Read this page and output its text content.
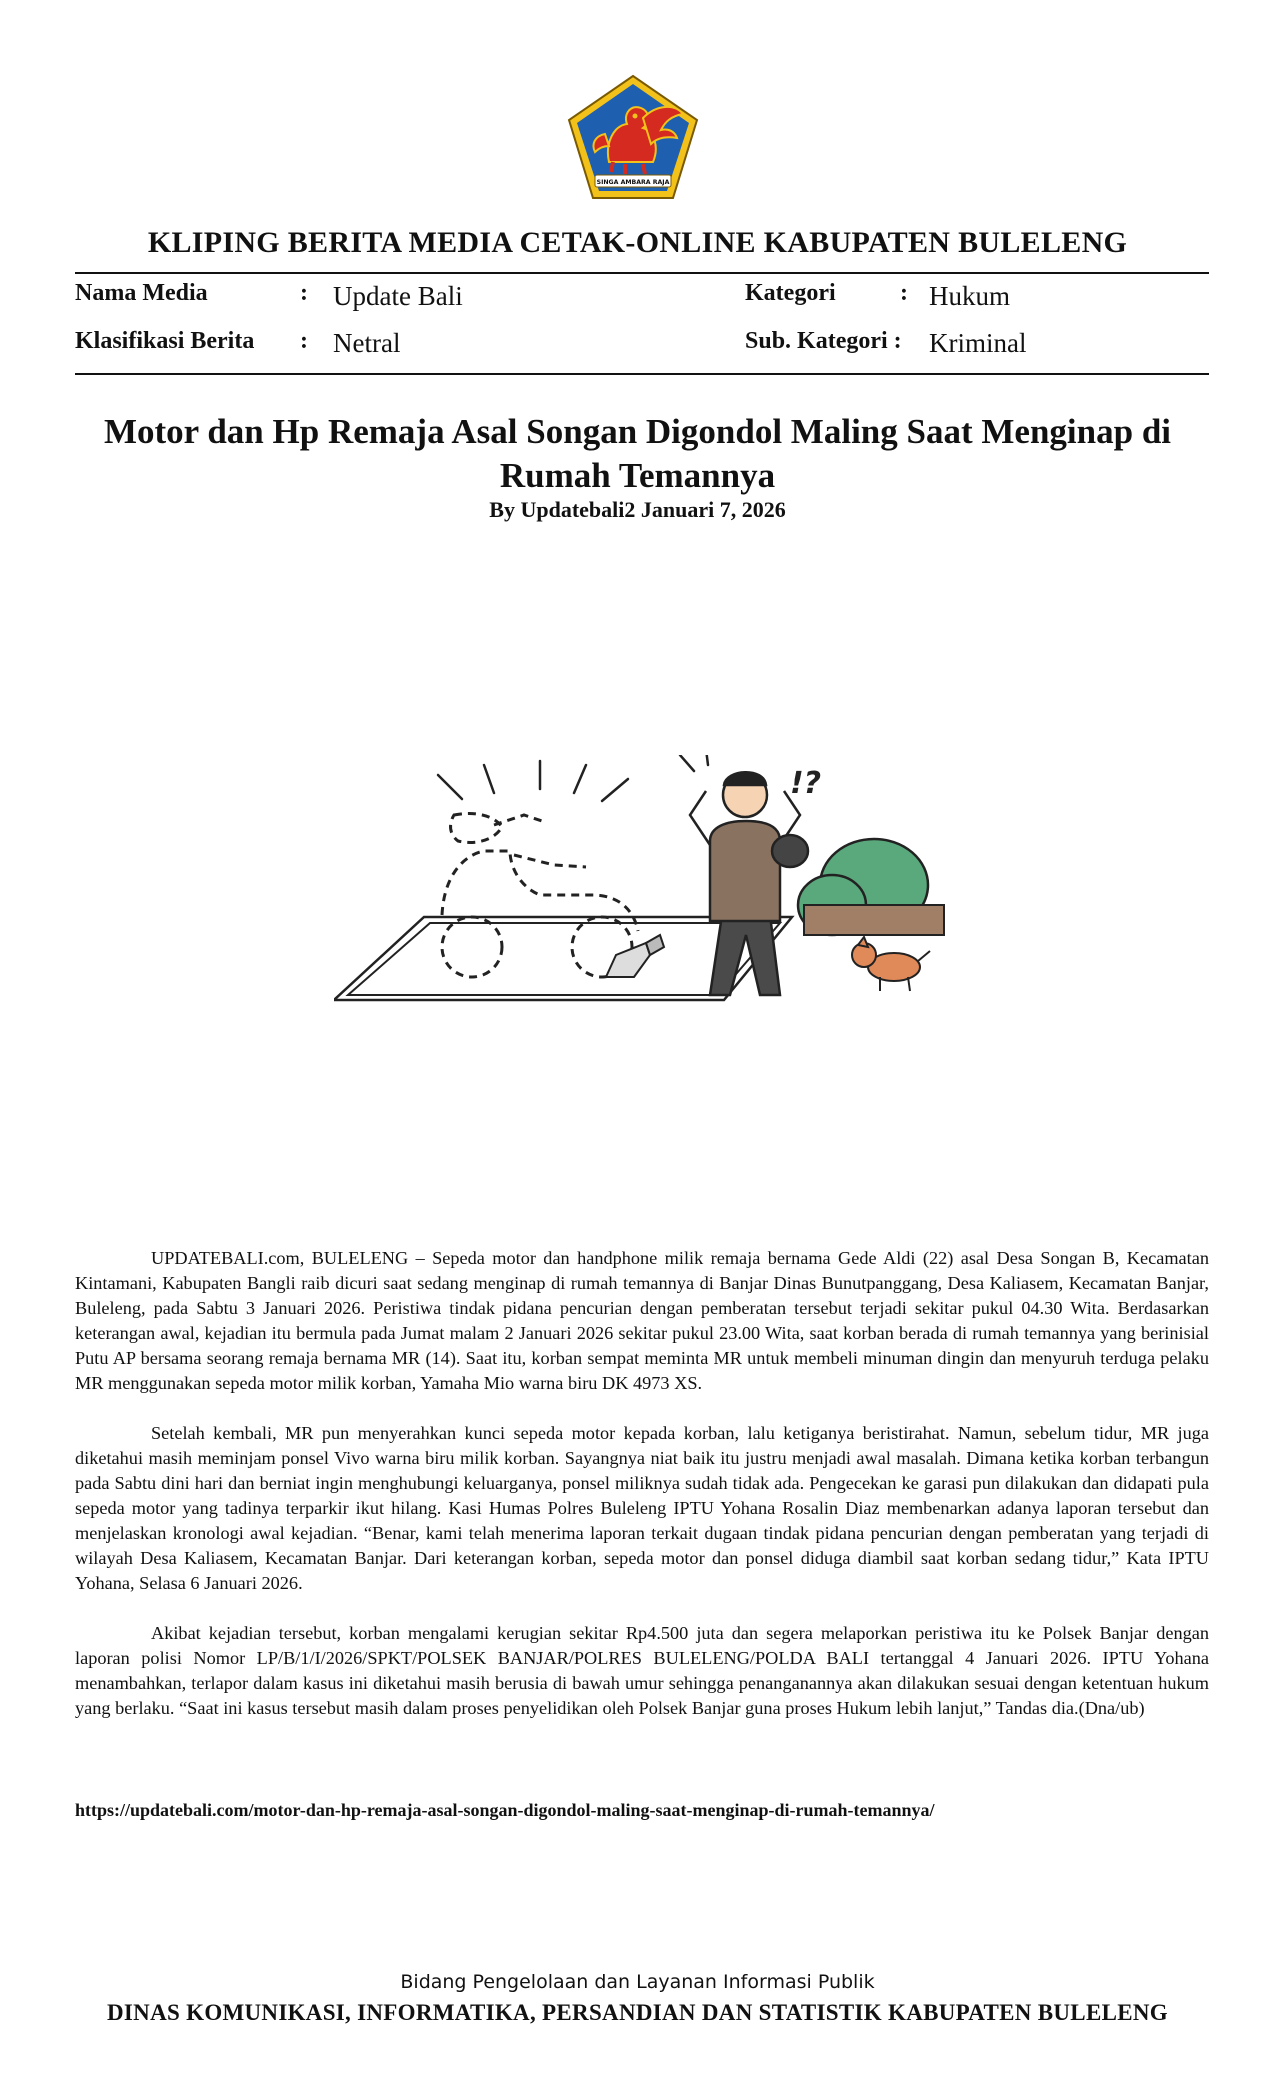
SINGA AMBARA RAJA
KLIPING BERITA MEDIA CETAK-ONLINE KABUPATEN BULELENG
Nama Media	: Update Bali
Klasifikasi Berita : Netral
Kategori	: Hukum
Sub. Kategori : Kriminal
Motor dan Hp Remaja Asal Songan Digondol Maling Saat Menginap di Rumah Temannya
By Updatebali2 Januari 7, 2026
!?

UPDATEBALI.com, BULELENG – Sepeda motor dan handphone milik remaja bernama Gede Aldi (22) asal Desa Songan B, Kecamatan Kintamani, Kabupaten Bangli raib dicuri saat sedang menginap di rumah temannya di Banjar Dinas Bunutpanggang, Desa Kaliasem, Kecamatan Banjar, Buleleng, pada Sabtu 3 Januari 2026. Peristiwa tindak pidana pencurian dengan pemberatan tersebut terjadi sekitar pukul 04.30 Wita. Berdasarkan keterangan awal, kejadian itu bermula pada Jumat malam 2 Januari 2026 sekitar pukul 23.00 Wita, saat korban berada di rumah temannya yang berinisial Putu AP bersama seorang remaja bernama MR (14). Saat itu, korban sempat meminta MR untuk membeli minuman dingin dan menyuruh terduga pelaku MR menggunakan sepeda motor milik korban, Yamaha Mio warna biru DK 4973 XS.

Setelah kembali, MR pun menyerahkan kunci sepeda motor kepada korban, lalu ketiganya beristirahat. Namun, sebelum tidur, MR juga diketahui masih meminjam ponsel Vivo warna biru milik korban. Sayangnya niat baik itu justru menjadi awal masalah. Dimana ketika korban terbangun pada Sabtu dini hari dan berniat ingin menghubungi keluarganya, ponsel miliknya sudah tidak ada. Pengecekan ke garasi pun dilakukan dan didapati pula sepeda motor yang tadinya terparkir ikut hilang. Kasi Humas Polres Buleleng IPTU Yohana Rosalin Diaz membenarkan adanya laporan tersebut dan menjelaskan kronologi awal kejadian. “Benar, kami telah menerima laporan terkait dugaan tindak pidana pencurian dengan pemberatan yang terjadi di wilayah Desa Kaliasem, Kecamatan Banjar. Dari keterangan korban, sepeda motor dan ponsel diduga diambil saat korban sedang tidur,” Kata IPTU Yohana, Selasa 6 Januari 2026.

Akibat kejadian tersebut, korban mengalami kerugian sekitar Rp4.500 juta dan segera melaporkan peristiwa itu ke Polsek Banjar dengan laporan polisi Nomor LP/B/1/I/2026/SPKT/POLSEK BANJAR/POLRES BULELENG/POLDA BALI tertanggal 4 Januari 2026. IPTU Yohana menambahkan, terlapor dalam kasus ini diketahui masih berusia di bawah umur sehingga penanganannya akan dilakukan sesuai dengan ketentuan hukum yang berlaku. “Saat ini kasus tersebut masih dalam proses penyelidikan oleh Polsek Banjar guna proses Hukum lebih lanjut,” Tandas dia.(Dna/ub)

https://updatebali.com/motor-dan-hp-remaja-asal-songan-digondol-maling-saat-menginap-di-rumah-temannya/
Bidang Pengelolaan dan Layanan Informasi Publik
DINAS KOMUNIKASI, INFORMATIKA, PERSANDIAN DAN STATISTIK KABUPATEN BULELENG
